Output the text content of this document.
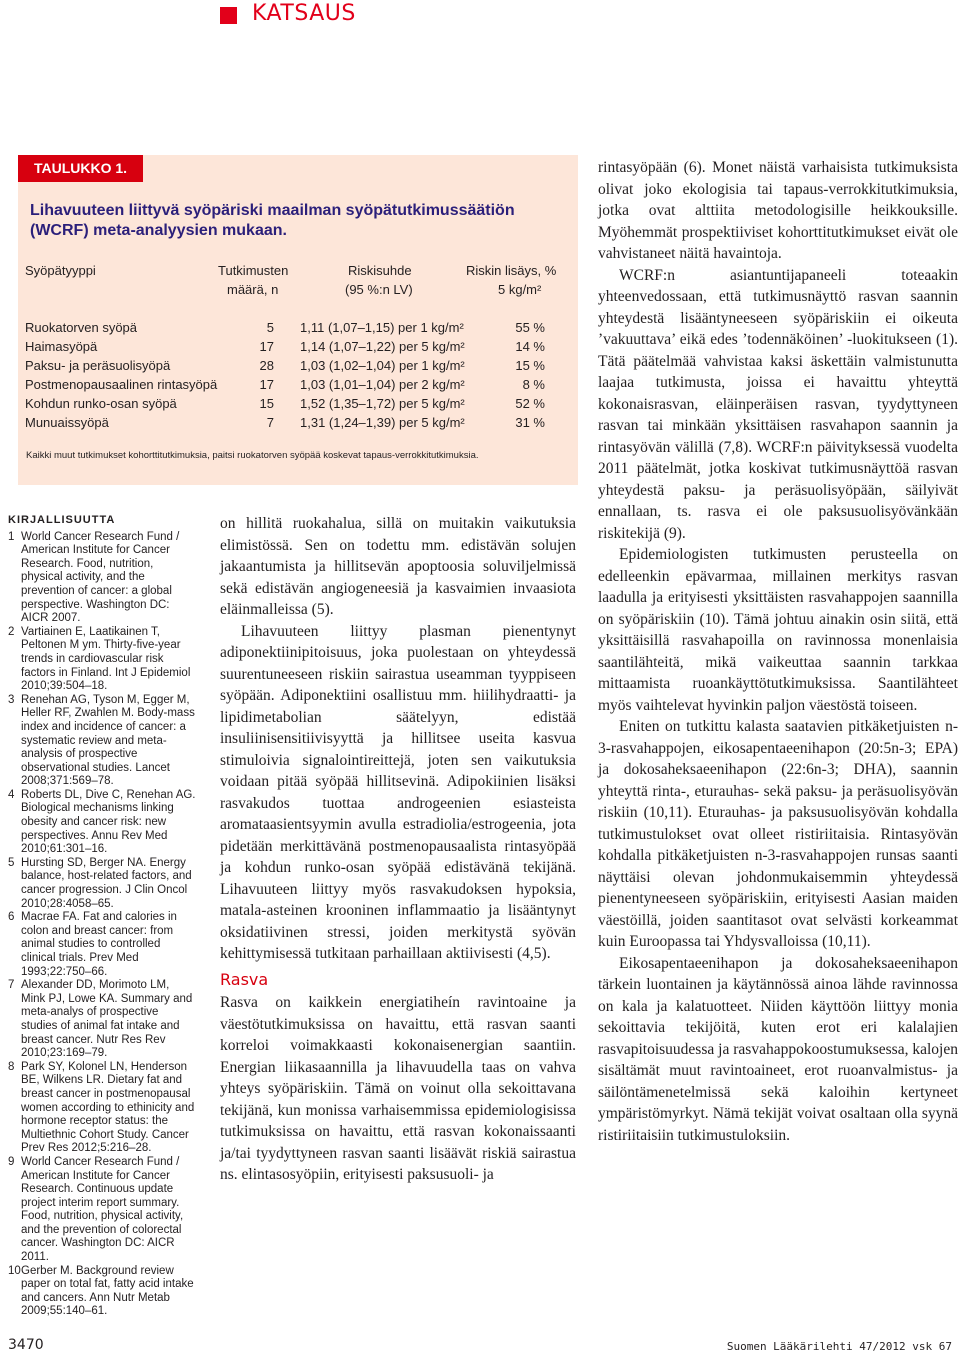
KATSAUS
TAULUKKO 1.
Lihavuuteen liittyvä syöpäriski maailman syöpätutkimussäätiön (WCRF) meta-analyysien mukaan.
Syöpätyyppi	Tutkimusten
määrä, n
Riskisuhde
(95 %:n LV)
Riskin lisäys, %
5 kg/m²
Ruokatorven syöpä	5 1,11 (1,07–1,15) per 1 kg/m²	55 %
Haimasyöpä	17 1,14 (1,07–1,22) per 5 kg/m²	14 %
Paksu- ja peräsuolisyöpä	28 1,03 (1,02–1,04) per 1 kg/m²	15 %
Postmenopausaalinen rintasyöpä	17 1,03 (1,01–1,04) per 2 kg/m²	8 %
Kohdun runko-osan syöpä	15 1,52 (1,35–1,72) per 5 kg/m²	52 %
Munuaissyöpä	7 1,31 (1,24–1,39) per 5 kg/m²	31 %
Kaikki muut tutkimukset kohorttitutkimuksia, paitsi ruokatorven syöpää koskevat tapaus-verrokkitutkimuksia.
KIRJALLISUUTTA
1 World Cancer Research Fund / American Institute for Cancer Research. Food, nutrition, physical activity, and the prevention of cancer: a global perspective. Washington DC: AICR 2007.
2 Vartiainen E, Laatikainen T, Peltonen M ym. Thirty-five-year trends in cardiovascular risk factors in Finland. Int J Epidemiol 2010;39:504–18.
3 Renehan AG, Tyson M, Egger M, Heller RF, Zwahlen M. Body-mass index and incidence of cancer: a systematic review and meta-analysis of prospective observational studies. Lancet 2008;371:569–78.
4 Roberts DL, Dive C, Renehan AG. Biological mechanisms linking obesity and cancer risk: new perspectives. Annu Rev Med 2010;61:301–16.
5 Hursting SD, Berger NA. Energy balance, host-related factors, and cancer progression. J Clin Oncol 2010;28:4058–65.
6 Macrae FA. Fat and calories in colon and breast cancer: from animal studies to controlled clinical trials. Prev Med 1993;22:750–66.
7 Alexander DD, Morimoto LM, Mink PJ, Lowe KA. Summary and meta-analys of prospective studies of animal fat intake and breast cancer. Nutr Res Rev 2010;23:169–79.
8 Park SY, Kolonel LN, Henderson BE, Wilkens LR. Dietary fat and breast cancer in postmenopausal women according to ethinicity and hormone receptor status: the Multiethnic Cohort Study. Cancer Prev Res 2012;5:216–28.
9 World Cancer Research Fund / American Institute for Cancer Research. Continuous update project interim report summary. Food, nutrition, physical activity, and the prevention of colorectal cancer. Washington DC: AICR 2011.
10 Gerber M. Background review paper on total fat, fatty acid intake and cancers. Ann Nutr Metab 2009;55:140–61.

on hillitä ruokahalua, sillä on muitakin vaikutuksia elimistössä. Sen on todettu mm. edistävän solujen jakaantumista ja hillitsevän apoptoosia soluviljelmissä sekä edistävän angiogeneesiä ja kasvaimien invaasiota eläinmalleissa (5).

Lihavuuteen liittyy plasman pienentynyt adiponektiinipitoisuus, joka puolestaan on yhteydessä suurentuneeseen riskiin sairastua useamman tyyppiseen syöpään. Adiponektiini osallistuu mm. hiilihydraatti- ja lipidimetabolian säätelyyn, edistää insuliinisensitiivisyyttä ja hillitsee useita kasvua stimuloivia signalointireittejä, joten sen vaikutuksia voidaan pitää syöpää hillitsevinä. Adipokiinien lisäksi rasvakudos tuottaa androgeenien esiasteista aromataasientsyymin avulla estradiolia/estrogeenia, jota pidetään merkittävänä postmenopausaalista rintasyöpää ja kohdun runko-osan syöpää edistävänä tekijänä. Lihavuuteen liittyy myös rasvakudoksen hypoksia, matala-asteinen krooninen inflammaatio ja lisääntynyt oksidatiivinen stressi, joiden merkitystä syövän kehittymisessä tutkitaan parhaillaan aktiivisesti (4,5).

Rasva

Rasva on kaikkein energiatiheín ravintoaine ja väestötutkimuksissa on havaittu, että rasvan saanti korreloi voimakkaasti kokonaisenergian saantiin. Energian liikasaannilla ja lihavuudella taas on vahva yhteys syöpäriskiin. Tämä on voinut olla sekoittavana tekijänä, kun monissa varhaisemmissa epidemiologisissa tutkimuksissa on havaittu, että rasvan kokonaissaanti ja/tai tyydyttyneen rasvan saanti lisäävät riskiä sairastua ns. elintasosyöpiin, erityisesti paksusuoli- ja

rintasyöpään (6). Monet näistä varhaisista tutkimuksista olivat joko ekologisia tai tapaus-verrokkitutkimuksia, jotka ovat alttiita metodologisille heikkouksille. Myöhemmät prospektiiviset kohorttitutkimukset eivät ole vahvistaneet näitä havaintoja.

WCRF:n asiantuntijapaneeli toteaakin yhteenvedossaan, että tutkimusnäyttö rasvan saannin yhteydestä lisääntyneeseen syöpäriskiin ei oikeuta ’vakuuttava’ eikä edes ’todennäköinen’ -luokitukseen (1). Tätä päätelmää vahvistaa kaksi äskettäin valmistunutta laajaa tutkimusta, joissa ei havaittu yhteyttä kokonaisrasvan, eläinperäisen rasvan, tyydyttyneen rasvan tai minkään yksittäisen rasvahapon saannin ja rintasyövän välillä (7,8). WCRF:n päivityksessä vuodelta 2011 päätelmät, jotka koskivat tutkimusnäyttöä rasvan yhteydestä paksu- ja peräsuolisyöpään, säilyivät ennallaan, ts. rasva ei ole paksusuolisyövänkään riskitekijä (9).

Epidemiologisten tutkimusten perusteella on edelleenkin epävarmaa, millainen merkitys rasvan laadulla ja erityisesti yksittäisten rasvahappojen saannilla on syöpäriskiin (10). Tämä johtuu ainakin osin siitä, että yksittäisillä rasvahapoilla on ravinnossa monenlaisia saantilähteitä, mikä vaikeuttaa saannin tarkkaa mittaamista ruoankäyttötutkimuksissa. Saantilähteet myös vaihtelevat hyvinkin paljon väestöstä toiseen.

Eniten on tutkittu kalasta saatavien pitkäketjuisten n-3-rasvahappojen, eikosapentaeenihapon (20:5n-3; EPA) ja dokosaheksaeenihapon (22:6n-3; DHA), saannin yhteyttä rinta-, eturauhas- sekä paksu- ja peräsuolisyövän riskiin (10,11). Eturauhas- ja paksusuolisyövän kohdalla tutkimustulokset ovat olleet ristiriitaisia. Rintasyövän kohdalla pitkäketjuisten n-3-rasvahappojen runsas saanti näyttäisi olevan johdonmukaisemmin yhteydessä pienentyneeseen syöpäriskiin, erityisesti Aasian maiden väestöillä, joiden saantitasot ovat selvästi korkeammat kuin Euroopassa tai Yhdysvalloissa (10,11).

Eikosapentaeenihapon ja dokosaheksaeenihapon tärkein luontainen ja käytännössä ainoa lähde ravinnossa on kala ja kalatuotteet. Niiden käyttöön liittyy monia sekoittavia tekijöitä, kuten erot eri kalalajien rasvapitoisuudessa ja rasvahappokoostumuksessa, kalojen sisältämät muut ravintoaineet, erot ruoanvalmistus- ja säilöntämenetelmissä sekä kaloihin kertyneet ympäristömyrkyt. Nämä tekijät voivat osaltaan olla syynä ristiriitaisiin tutkimustuloksiin.

3470	Suomen Lääkärilehti 47/2012 vsk 67
